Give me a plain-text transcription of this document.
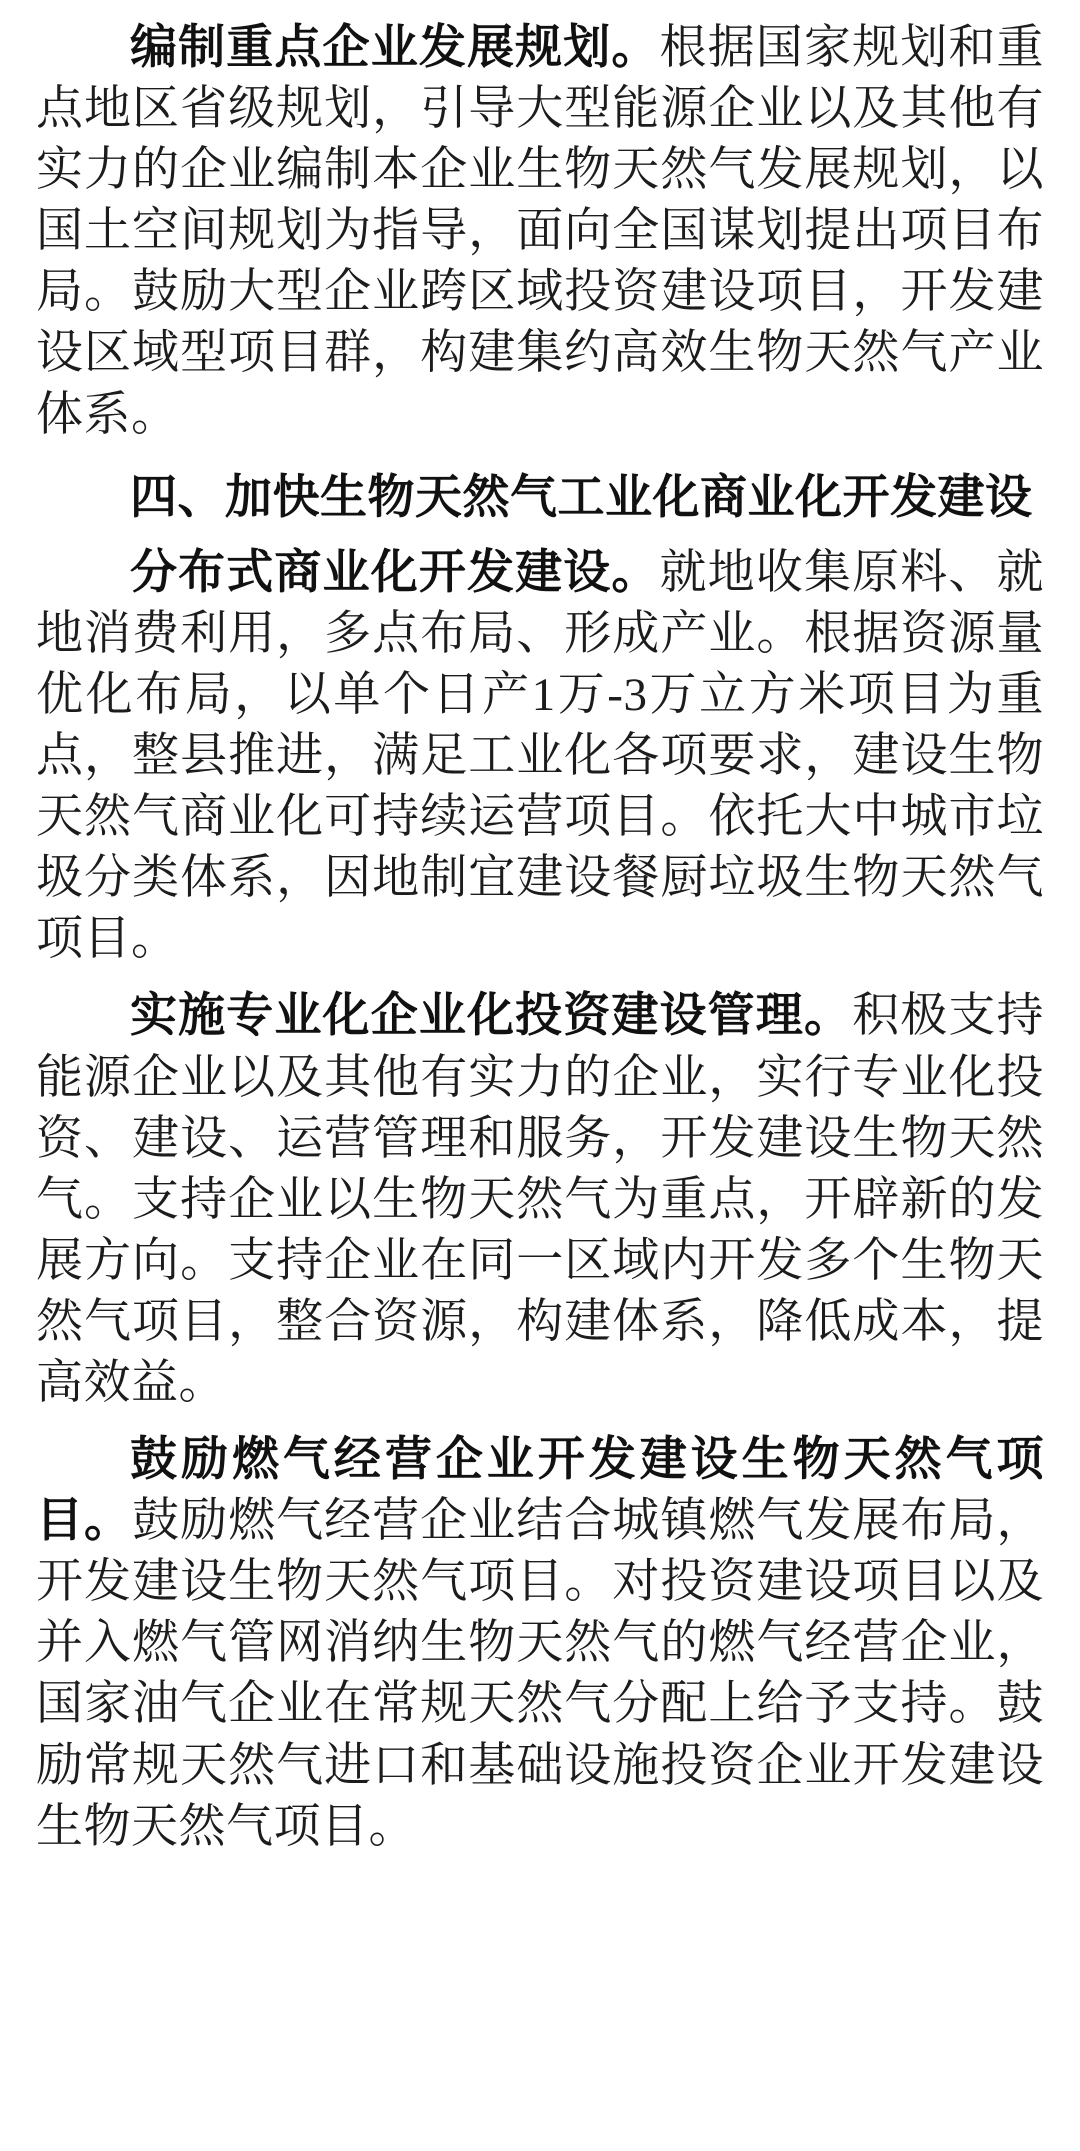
编制重点企业发展规划。根据国家规划和重点地区省级规划，引导大型能源企业以及其他有实力的企业编制本企业生物天然气发展规划，以国土空间规划为指导，面向全国谋划提出项目布局。鼓励大型企业跨区域投资建设项目，开发建设区域型项目群，构建集约高效生物天然气产业体系。

四、加快生物天然气工业化商业化开发建设

分布式商业化开发建设。就地收集原料、就地消费利用，多点布局、形成产业。根据资源量优化布局，以单个日产1万-3万立方米项目为重点，整县推进，满足工业化各项要求，建设生物天然气商业化可持续运营项目。依托大中城市垃圾分类体系，因地制宜建设餐厨垃圾生物天然气项目。

实施专业化企业化投资建设管理。积极支持能源企业以及其他有实力的企业，实行专业化投资、建设、运营管理和服务，开发建设生物天然气。支持企业以生物天然气为重点，开辟新的发展方向。支持企业在同一区域内开发多个生物天然气项目，整合资源，构建体系，降低成本，提高效益。

鼓励燃气经营企业开发建设生物天然气项目。鼓励燃气经营企业结合城镇燃气发展布局，开发建设生物天然气项目。对投资建设项目以及并入燃气管网消纳生物天然气的燃气经营企业，国家油气企业在常规天然气分配上给予支持。鼓励常规天然气进口和基础设施投资企业开发建设生物天然气项目。
